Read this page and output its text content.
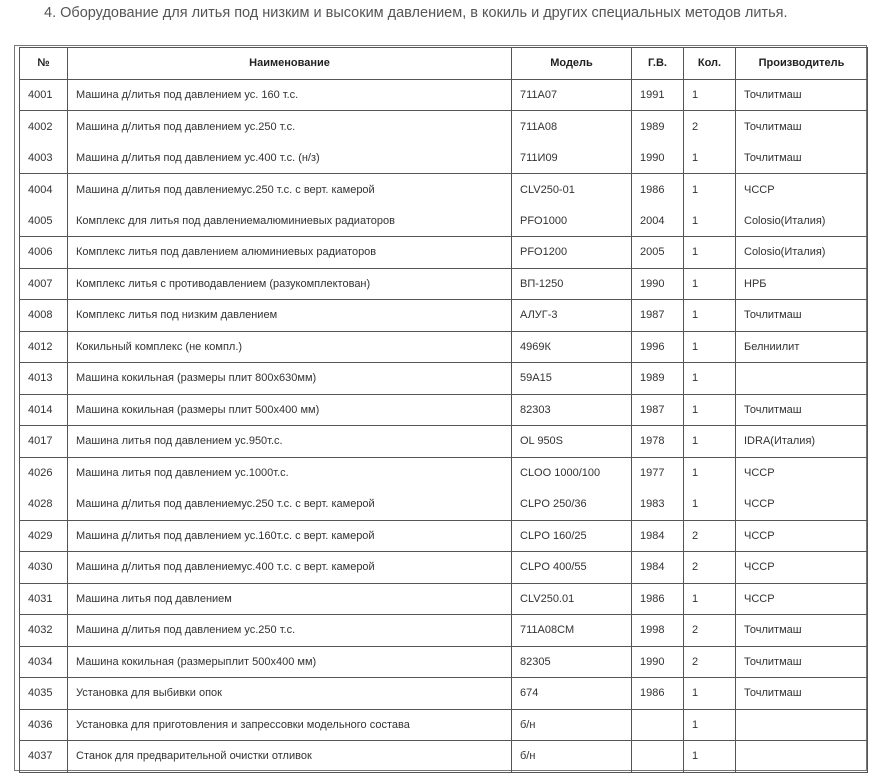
4. Оборудование для литья под низким и высоким давлением, в кокиль и других специальных методов литья.
№	Наименование	Модель	Г.В.	Кол.	Производитель
4001	Машина д/литья под давлением ус. 160 т.с.	711A07	1991	1	Точлитмаш
4002	Машина д/литья под давлением ус.250 т.с.	711A08	1989	2	Точлитмаш
4003	Машина д/литья под давлением ус.400 т.с. (н/з)	711И09	1990	1	Точлитмаш
4004	Машина д/литья под давлениемус.250 т.с. с верт. камерой	CLV250-01	1986	1	ЧССР
4005	Комплекс для литья под давлениемалюминиевых радиаторов	PFO1000	2004	1	Colosio(Италия)
4006	Комплекс литья под давлением алюминиевых радиаторов	PFO1200	2005	1	Colosio(Италия)
4007	Комплекс литья с противодавлением (разукомплектован)	ВП-1250	1990	1	НРБ
4008	Комплекс литья под низким давлением	АЛУГ-3	1987	1	Точлитмаш
4012	Кокильный комплекс (не компл.)	4969К	1996	1	Белниилит
4013	Машина кокильная (размеры плит 800x630мм)	59А15	1989	1	
4014	Машина кокильная (размеры плит 500x400 мм)	82303	1987	1	Точлитмаш
4017	Машина литья под давлением ус.950т.с.	OL 950S	1978	1	IDRA(Италия)
4026	Машина литья под давлением ус.1000т.с.	CLOO 1000/100	1977	1	ЧССР
4028	Машина д/литья под давлениемус.250 т.с. с верт. камерой	CLPO 250/36	1983	1	ЧССР
4029	Машина д/литья под давлением ус.160т.с. с верт. камерой	CLPO 160/25	1984	2	ЧССР
4030	Машина д/литья под давлениемус.400 т.с. с верт. камерой	CLPO 400/55	1984	2	ЧССР
4031	Машина литья под давлением	CLV250.01	1986	1	ЧССР
4032	Машина д/литья под давлением ус.250 т.с.	711A08CM	1998	2	Точлитмаш
4034	Машина кокильная (размерыплит 500x400 мм)	82305	1990	2	Точлитмаш
4035	Установка для выбивки опок	674	1986	1	Точлитмаш
4036	Установка для приготовления и запрессовки модельного состава	б/н		1	
4037	Станок для предварительной очистки отливок	б/н		1	
